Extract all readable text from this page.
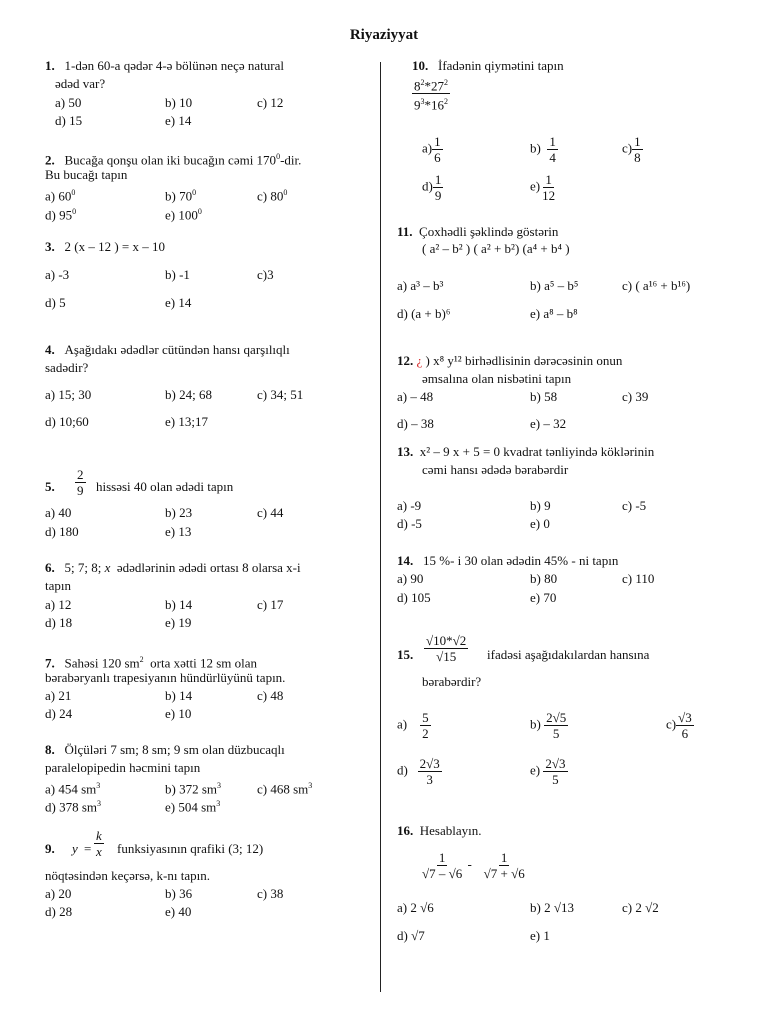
Riyaziyyat
1. 1-dən 60-a qədər 4-ə bölünən neçə natural
ədəd var?
a) 50	b) 10	c) 12
d) 15	e) 14
2. Bucağa qonşu olan iki bucağın cəmi $170^0$-dir.
Bu bucağı tapın
a) $60^0$	b) $70^0$	c) $80^0$
d) $95^0$	e) $100^0$
3. 2 (x – 12 ) = x – 10
a) -3	b) -1	c)3
d) 5	e) 14
4. Aşağıdakı ədədlər cütündən hansı qarşılıqlı
sadədir?
a) 15; 30	b) 24; 68	c) 34; 51
d) 10;60	e) 13;17
5. $\frac{2}{9}$ hissəsi 40 olan ədədi tapın
a) 40	b) 23	c) 44
d) 180	e) 13
6. 5; 7; 8; x ədədlərinin ədədi ortası 8 olarsa x-i
tapın
a) 12	b) 14	c) 17
d) 18	e) 19
7. Sahəsi 120 $sm^2$ orta xətti 12 sm olan
bərabəryanlı trapesiyanın hündürlüyünü tapın.
a) 21	b) 14	c) 48
d) 24	e) 10
8. Ölçüləri 7 sm; 8 sm; 9 sm olan düzbucaqlı
paralelopipedin həcmini tapın
a) 454 $sm^3$	b) 372 $sm^3$	c) 468 $sm^3$
d) 378 $sm^3$	e) 504 $sm^3$
9. $y = \frac{k}{x}$ funksiyasının qrafiki (3; 12)
nöqtəsindən keçərsə, k-nı tapın.
a) 20	b) 36	c) 38
d) 28	e) 40
10. İfadənin qiymətini tapın
$\frac{8^2*27^2}{9^3*16^2}$
$a) \frac{1}{6}$	$b) \frac{1}{4}$	$c) \frac{1}{8}$
$d) \frac{1}{9}$	$e) \frac{1}{12}$
11. Çoxhədli şəklində göstərin
( a² – b² ) ( a² + b²) (a⁴ + b⁴ )
a) a³ – b³	b) a⁵ – b⁵	c) ( a¹⁶ + b¹⁶)
d) (a + b)⁶	e) a⁸ – b⁸
12. ¿ ) x⁸ y¹² birhədlisinin dərəcəsinin onun
əmsalına olan nisbətini tapın
a) – 48	b) 58	c) 39
d) – 38	e) – 32
13. x² – 9 x + 5 = 0 kvadrat tənliyində köklərinin
cəmi hansı ədədə bərabərdir
a) -9	b) 9	c) -5
d) -5	e) 0
14. 15 %- i 30 olan ədədin 45% - ni tapın
a) 90	b) 80	c) 110
d) 105	e) 70
15. $\frac{√10*√2}{√15}$ ifadəsi aşağıdakılardan hansına
bərabərdir?
$a) \frac{5}{2}$	$b) \frac{2√5}{5}$	$c) \frac{√3}{6}$
$d) \frac{2√3}{3}$	$e) \frac{2√3}{5}$
16. Hesablayın.
$\frac{1}{√7 - √6} - \frac{1}{√7 + √6}$
a) 2 √6	b) 2 √13	c) 2 √2
d) √7	e) 1
